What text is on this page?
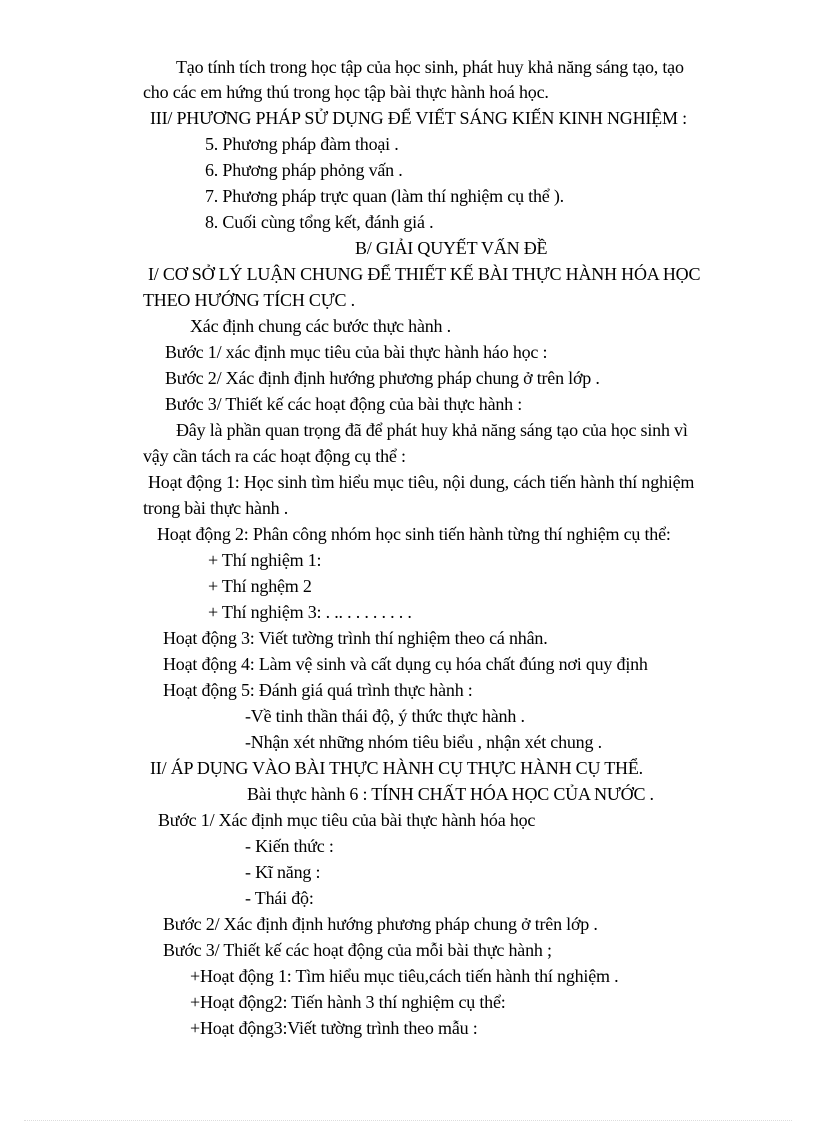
Tạo tính tích trong học tập của học sinh, phát huy khả năng sáng tạo, tạo
cho các em hứng thú trong học tập bài thực hành hoá học.
III/ PHƯƠNG PHÁP SỬ DỤNG ĐỂ VIẾT SÁNG KIẾN KINH NGHIỆM :
5. Phương pháp đàm thoại .
6. Phương pháp phỏng vấn .
7. Phương pháp trực quan (làm thí nghiệm cụ thể ).
8. Cuối cùng tổng kết, đánh giá .
B/ GIẢI QUYẾT VẤN ĐỀ
I/ CƠ SỞ LÝ LUẬN CHUNG ĐỂ THIẾT KẾ BÀI THỰC HÀNH HÓA HỌC
THEO HƯỚNG TÍCH CỰC .
Xác định chung các bước thực hành .
Bước 1/ xác định mục tiêu của bài thực hành háo học :
Bước 2/ Xác định định hướng phương pháp chung ở trên lớp .
Bước 3/ Thiết kế các hoạt động của bài thực hành :
Đây là phần quan trọng đã để phát huy khả năng sáng tạo của học sinh vì
vậy cần tách ra các hoạt động cụ thể :
Hoạt động 1: Học sinh tìm hiểu mục tiêu, nội dung, cách tiến hành thí nghiệm
trong bài thực hành .
Hoạt động 2: Phân công nhóm học sinh tiến hành từng thí nghiệm cụ thể:
+ Thí nghiệm 1:
+ Thí nghệm 2
+ Thí nghiệm 3: . .. . . . . . . . .
Hoạt động 3: Viết tường trình thí nghiệm theo cá nhân.
Hoạt động 4: Làm vệ sinh và cất dụng cụ hóa chất đúng nơi quy định
Hoạt động 5: Đánh giá quá trình thực hành :
-Về tinh thần thái độ, ý thức thực hành .
-Nhận xét những nhóm tiêu biểu , nhận xét chung .
II/ ÁP DỤNG VÀO BÀI THỰC HÀNH CỤ THỰC HÀNH CỤ THỂ.
Bài thực hành 6 : TÍNH CHẤT HÓA HỌC CỦA NƯỚC .
Bước 1/ Xác định mục tiêu của bài thực hành hóa học
- Kiến thức :
- Kĩ năng :
- Thái độ:
Bước 2/ Xác định định hướng phương pháp chung ở trên lớp .
Bước 3/ Thiết kế các hoạt động của mỗi bài thực hành ;
+Hoạt động 1: Tìm hiểu mục tiêu,cách tiến hành thí nghiệm .
+Hoạt động2: Tiến hành 3 thí nghiệm cụ thể:
+Hoạt động3:Viết tường trình theo mẫu :
